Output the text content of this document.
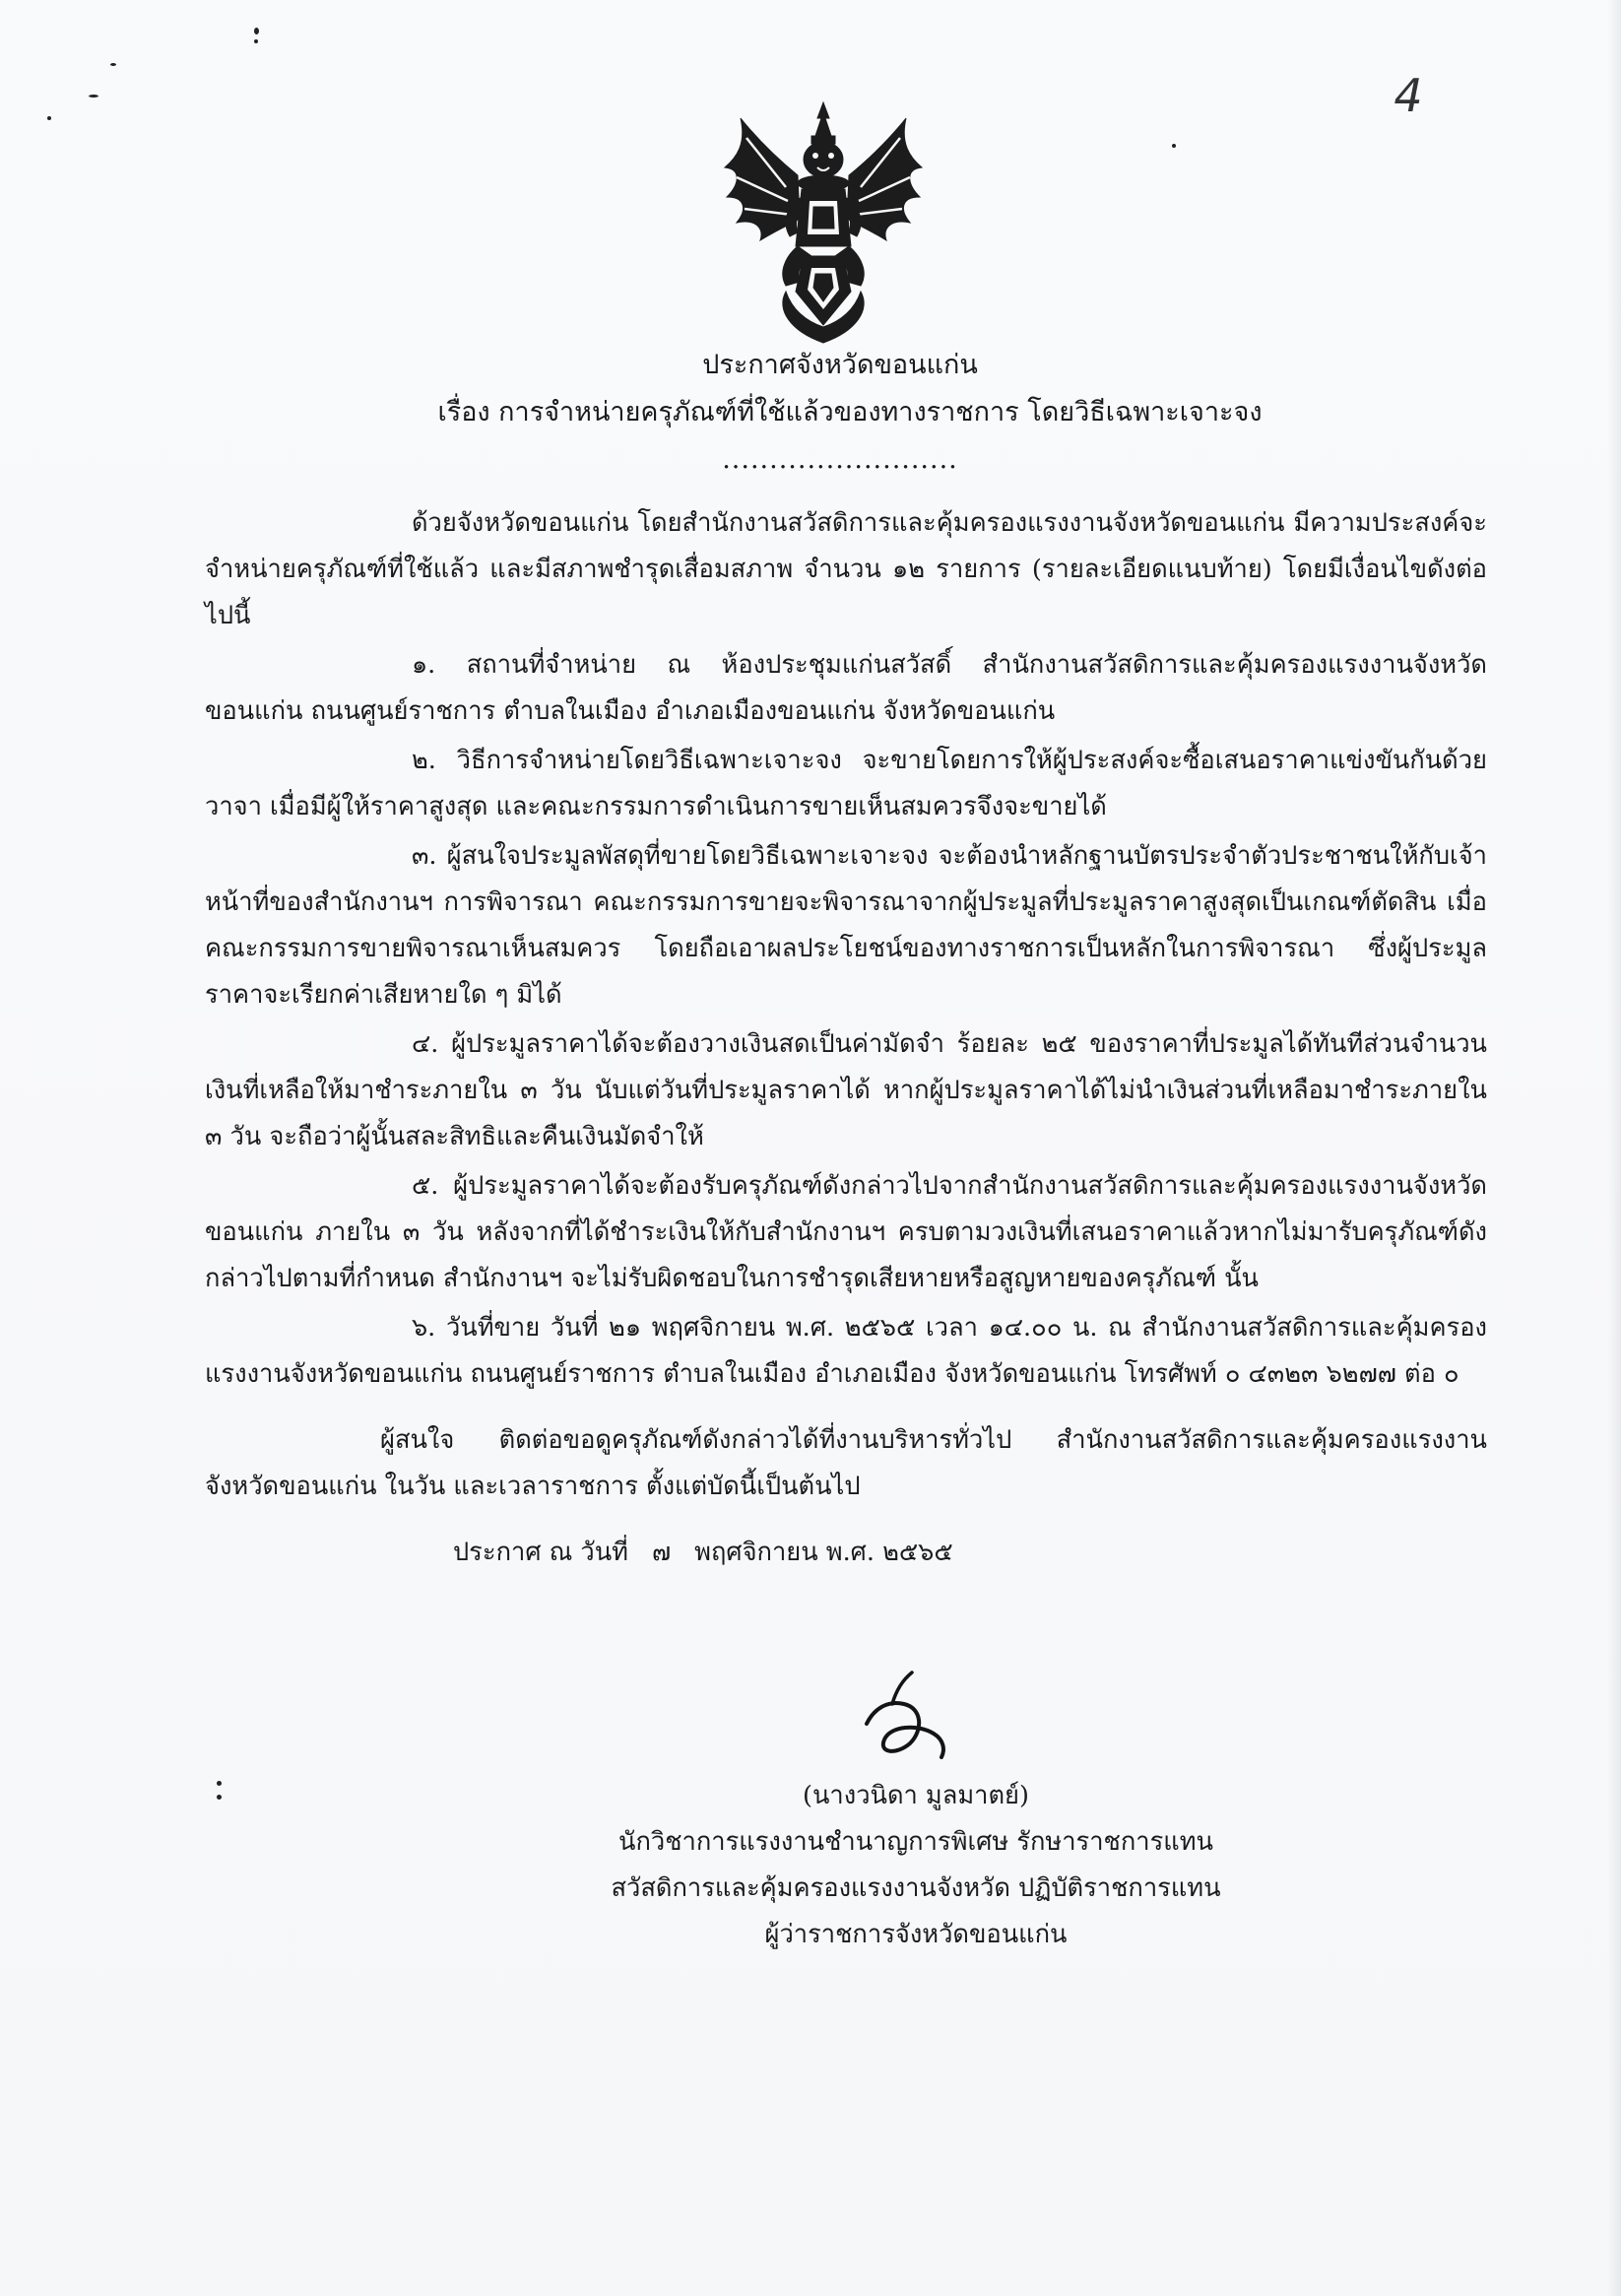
4
ประกาศจังหวัดขอนแก่น
เรื่อง การจำหน่ายครุภัณฑ์ที่ใช้แล้วของทางราชการ โดยวิธีเฉพาะเจาะจง
.........................

ด้วยจังหวัดขอนแก่น โดยสำนักงานสวัสดิการและคุ้มครองแรงงานจังหวัดขอนแก่น มีความประสงค์จะจำหน่ายครุภัณฑ์ที่ใช้แล้ว และมีสภาพชำรุดเสื่อมสภาพ จำนวน ๑๒ รายการ (รายละเอียดแนบท้าย) โดยมีเงื่อนไขดังต่อไปนี้

๑. สถานที่จำหน่าย ณ ห้องประชุมแก่นสวัสดิ์ สำนักงานสวัสดิการและคุ้มครองแรงงานจังหวัดขอนแก่น ถนนศูนย์ราชการ ตำบลในเมือง อำเภอเมืองขอนแก่น จังหวัดขอนแก่น

๒. วิธีการจำหน่ายโดยวิธีเฉพาะเจาะจง จะขายโดยการให้ผู้ประสงค์จะซื้อเสนอราคาแข่งขันกันด้วยวาจา เมื่อมีผู้ให้ราคาสูงสุด และคณะกรรมการดำเนินการขายเห็นสมควรจึงจะขายได้

๓. ผู้สนใจประมูลพัสดุที่ขายโดยวิธีเฉพาะเจาะจง จะต้องนำหลักฐานบัตรประจำตัวประชาชนให้กับเจ้าหน้าที่ของสำนักงานฯ การพิจารณา คณะกรรมการขายจะพิจารณาจากผู้ประมูลที่ประมูลราคาสูงสุดเป็นเกณฑ์ตัดสิน เมื่อคณะกรรมการขายพิจารณาเห็นสมควร โดยถือเอาผลประโยชน์ของทางราชการเป็นหลักในการพิจารณา ซึ่งผู้ประมูลราคาจะเรียกค่าเสียหายใด ๆ มิได้

๔. ผู้ประมูลราคาได้จะต้องวางเงินสดเป็นค่ามัดจำ ร้อยละ ๒๕ ของราคาที่ประมูลได้ทันทีส่วนจำนวนเงินที่เหลือให้มาชำระภายใน ๓ วัน นับแต่วันที่ประมูลราคาได้ หากผู้ประมูลราคาได้ไม่นำเงินส่วนที่เหลือมาชำระภายใน ๓ วัน จะถือว่าผู้นั้นสละสิทธิและคืนเงินมัดจำให้

๕. ผู้ประมูลราคาได้จะต้องรับครุภัณฑ์ดังกล่าวไปจากสำนักงานสวัสดิการและคุ้มครองแรงงานจังหวัดขอนแก่น ภายใน ๓ วัน หลังจากที่ได้ชำระเงินให้กับสำนักงานฯ ครบตามวงเงินที่เสนอราคาแล้วหากไม่มารับครุภัณฑ์ดังกล่าวไปตามที่กำหนด สำนักงานฯ จะไม่รับผิดชอบในการชำรุดเสียหายหรือสูญหายของครุภัณฑ์ นั้น

๖. วันที่ขาย วันที่ ๒๑ พฤศจิกายน พ.ศ. ๒๕๖๕ เวลา ๑๔.๐๐ น. ณ สำนักงานสวัสดิการและคุ้มครองแรงงานจังหวัดขอนแก่น ถนนศูนย์ราชการ ตำบลในเมือง อำเภอเมือง จังหวัดขอนแก่น โทรศัพท์ ๐ ๔๓๒๓ ๖๒๗๗ ต่อ ๐

ผู้สนใจ ติดต่อขอดูครุภัณฑ์ดังกล่าวได้ที่งานบริหารทั่วไป สำนักงานสวัสดิการและคุ้มครองแรงงานจังหวัดขอนแก่น ในวัน และเวลาราชการ ตั้งแต่บัดนี้เป็นต้นไป

ประกาศ ณ วันที่ ๗ พฤศจิกายน พ.ศ. ๒๕๖๕

(นางวนิดา มูลมาตย์)
นักวิชาการแรงงานชำนาญการพิเศษ รักษาราชการแทน
สวัสดิการและคุ้มครองแรงงานจังหวัด ปฏิบัติราชการแทน
ผู้ว่าราชการจังหวัดขอนแก่น
